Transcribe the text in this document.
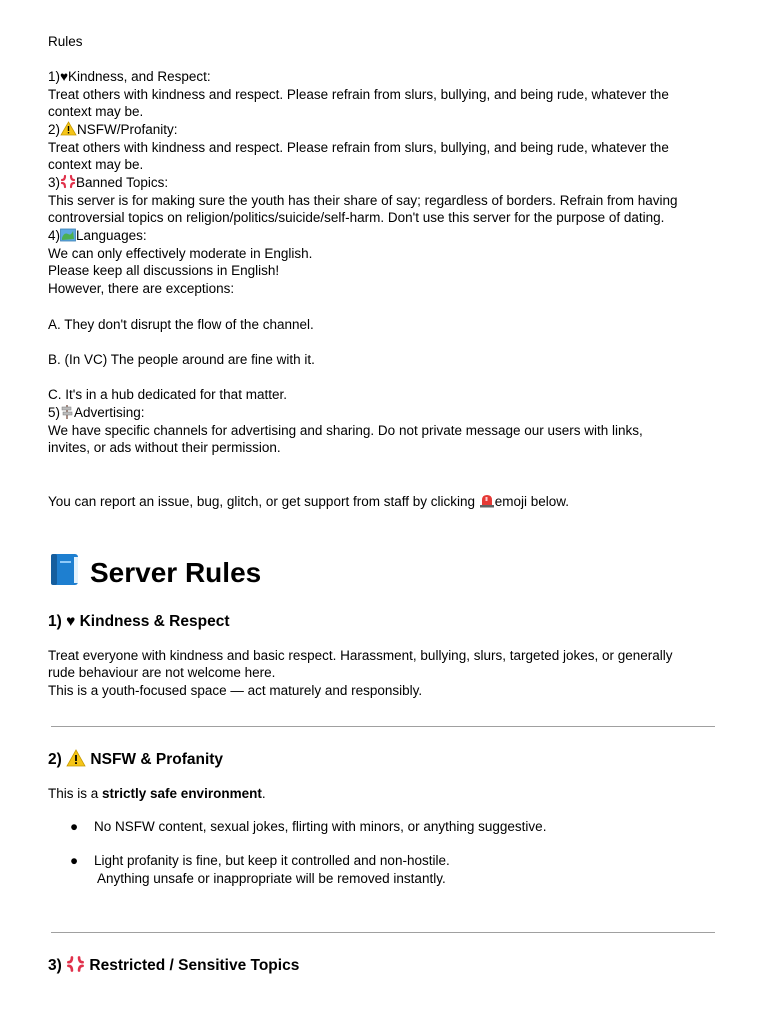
Rules
1)♥Kindness, and Respect:
Treat others with kindness and respect. Please refrain from slurs, bullying, and being rude, whatever the
context may be.
2) NSFW/Profanity:
Treat others with kindness and respect. Please refrain from slurs, bullying, and being rude, whatever the
context may be.
3) Banned Topics:
This server is for making sure the youth has their share of say; regardless of borders. Refrain from having
controversial topics on religion/politics/suicide/self-harm. Don't use this server for the purpose of dating.
4) Languages:
We can only effectively moderate in English.
Please keep all discussions in English!
However, there are exceptions:
A. They don't disrupt the flow of the channel.
B. (In VC) The people around are fine with it.
C. It's in a hub dedicated for that matter.
5) Advertising:
We have specific channels for advertising and sharing. Do not private message our users with links,
invites, or ads without their permission.
You can report an issue, bug, glitch, or get support from staff by clicking emoji below.
Server Rules
1) ♥ Kindness & Respect
Treat everyone with kindness and basic respect. Harassment, bullying, slurs, targeted jokes, or generally
rude behaviour are not welcome here.
This is a youth-focused space — act maturely and responsibly.
2) NSFW & Profanity
This is a strictly safe environment.
● No NSFW content, sexual jokes, flirting with minors, or anything suggestive.
● Light profanity is fine, but keep it controlled and non-hostile.
Anything unsafe or inappropriate will be removed instantly.
3) Restricted / Sensitive Topics
